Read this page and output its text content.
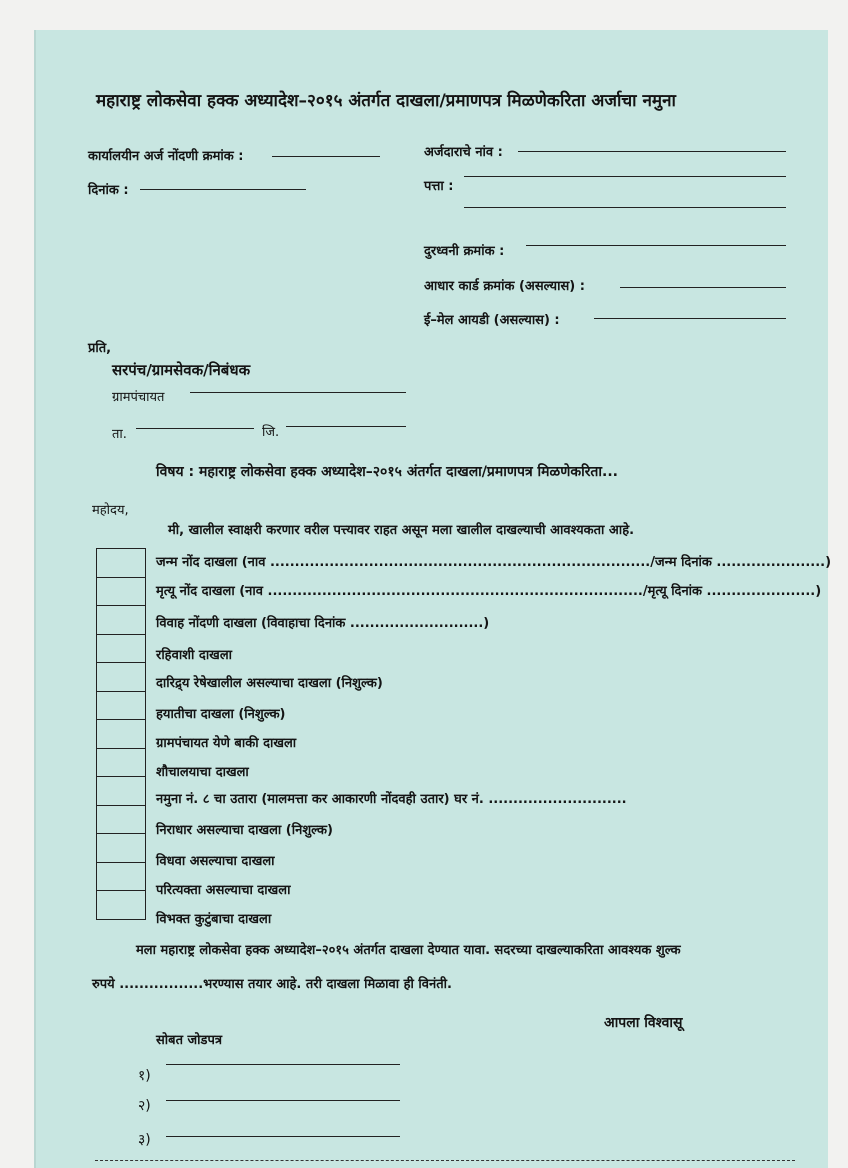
महाराष्ट्र लोकसेवा हक्क अध्यादेश–२०१५ अंतर्गत दाखला/प्रमाणपत्र मिळणेकरिता अर्जाचा नमुना
कार्यालयीन अर्ज नोंदणी क्रमांक :
दिनांक :
अर्जदाराचे नांव :
पत्ता :
दुरध्वनी क्रमांक :
आधार कार्ड क्रमांक (असल्यास) :
ई–मेल आयडी (असल्यास) :
प्रति,
सरपंच/ग्रामसेवक/निबंधक
ग्रामपंचायत
ता.	जि.
विषय : महाराष्ट्र लोकसेवा हक्क अध्यादेश–२०१५ अंतर्गत दाखला/प्रमाणपत्र मिळणेकरिता...
महोदय,
मी, खालील स्वाक्षरी करणार वरील पत्त्यावर राहत असून मला खालील दाखल्याची आवश्यकता आहे.
जन्म नोंद दाखला (नाव ............................................................................./जन्म दिनांक ......................)
मृत्यू नोंद दाखला (नाव ............................................................................/मृत्यू दिनांक ......................)
विवाह नोंदणी दाखला (विवाहाचा दिनांक ...........................)
रहिवाशी दाखला
दारिद्र्य रेषेखालील असल्याचा दाखला (निशुल्क)
हयातीचा दाखला (निशुल्क)
ग्रामपंचायत येणे बाकी दाखला
शौचालयाचा दाखला
नमुना नं. ८ चा उतारा (मालमत्ता कर आकारणी नोंदवही उतार) घर नं. ............................
निराधार असल्याचा दाखला (निशुल्क)
विधवा असल्याचा दाखला
परित्यक्ता असल्याचा दाखला
विभक्त कुटुंबाचा दाखला
मला महाराष्ट्र लोकसेवा हक्क अध्यादेश–२०१५ अंतर्गत दाखला देण्यात यावा. सदरच्या दाखल्याकरिता आवश्यक शुल्क
रुपये .................भरण्यास तयार आहे. तरी दाखला मिळावा ही विनंती.
आपला विश्वासू
सोबत जोडपत्र
१)
२)
३)
